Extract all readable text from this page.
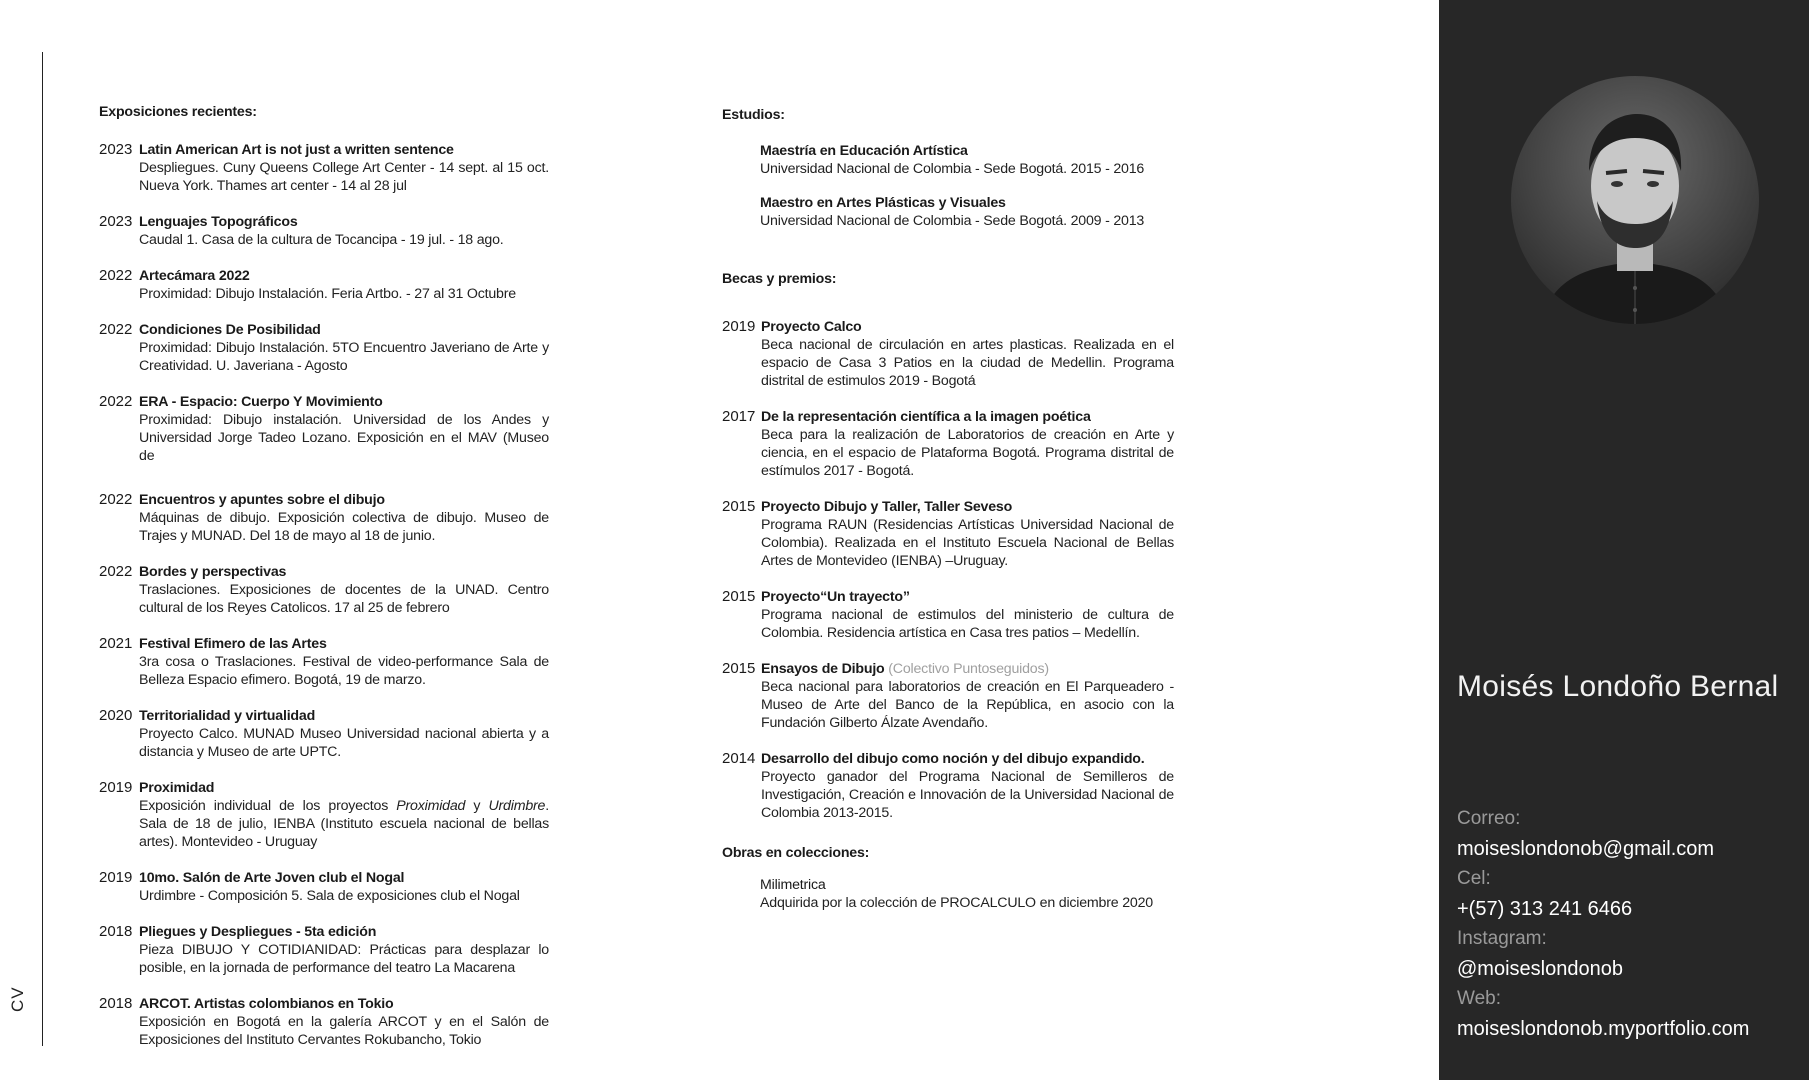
CV
Exposiciones recientes:
2023 Latin American Art is not just a written sentence
Despliegues. Cuny Queens College Art Center - 14 sept. al 15 oct. Nueva York. Thames art center - 14 al 28 jul
2023 Lenguajes Topográficos
Caudal 1. Casa de la cultura de Tocancipa - 19 jul. - 18 ago.
2022 Artecámara 2022
Proximidad: Dibujo Instalación. Feria Artbo. - 27 al 31 Octubre
2022 Condiciones De Posibilidad
Proximidad: Dibujo Instalación. 5TO Encuentro Javeriano de Arte y Creatividad. U. Javeriana - Agosto
2022 ERA - Espacio: Cuerpo Y Movimiento
Proximidad: Dibujo instalación. Universidad de los Andes y Universidad Jorge Tadeo Lozano. Exposición en el MAV (Museo de
2022 Encuentros y apuntes sobre el dibujo
Máquinas de dibujo. Exposición colectiva de dibujo. Museo de Trajes y MUNAD. Del 18 de mayo al 18 de junio.
2022 Bordes y perspectivas
Traslaciones. Exposiciones de docentes de la UNAD. Centro cultural de los Reyes Catolicos. 17 al 25 de febrero
2021 Festival Efimero de las Artes
3ra cosa o Traslaciones. Festival de video-performance Sala de Belleza Espacio efimero. Bogotá, 19 de marzo.
2020 Territorialidad y virtualidad
Proyecto Calco. MUNAD Museo Universidad nacional abierta y a distancia y Museo de arte UPTC.
2019 Proximidad
Exposición individual de los proyectos Proximidad y Urdimbre. Sala de 18 de julio, IENBA (Instituto escuela nacional de bellas artes). Montevideo - Uruguay
2019 10mo. Salón de Arte Joven club el Nogal
Urdimbre - Composición 5. Sala de exposiciones club el Nogal
2018 Pliegues y Despliegues - 5ta edición
Pieza DIBUJO Y COTIDIANIDAD: Prácticas para desplazar lo posible, en la jornada de performance del teatro La Macarena
2018 ARCOT. Artistas colombianos en Tokio
Exposición en Bogotá en la galería ARCOT y en el Salón de Exposiciones del Instituto Cervantes Rokubancho, Tokio
Estudios:
Maestría en Educación Artística
Universidad Nacional de Colombia - Sede Bogotá. 2015 - 2016
Maestro en Artes Plásticas y Visuales
Universidad Nacional de Colombia - Sede Bogotá. 2009 - 2013
Becas y premios:
2019 Proyecto Calco
Beca nacional de circulación en artes plasticas. Realizada en el espacio de Casa 3 Patios en la ciudad de Medellin. Programa distrital de estimulos 2019 - Bogotá
2017 De la representación científica a la imagen poética
Beca para la realización de Laboratorios de creación en Arte y ciencia, en el espacio de Plataforma Bogotá. Programa distrital de estímulos 2017 - Bogotá.
2015 Proyecto Dibujo y Taller, Taller Seveso
Programa RAUN (Residencias Artísticas Universidad Nacional de Colombia). Realizada en el Instituto Escuela Nacional de Bellas Artes de Montevideo (IENBA) –Uruguay.
2015 Proyecto“Un trayecto”
Programa nacional de estimulos del ministerio de cultura de Colombia. Residencia artística en Casa tres patios – Medellín.
2015 Ensayos de Dibujo (Colectivo Puntoseguidos)
Beca nacional para laboratorios de creación en El Parqueadero - Museo de Arte del Banco de la República, en asocio con la Fundación Gilberto Álzate Avendaño.
2014 Desarrollo del dibujo como noción y del dibujo expandido.
Proyecto ganador del Programa Nacional de Semilleros de Investigación, Creación e Innovación de la Universidad Nacional de Colombia 2013-2015.
Obras en colecciones:
Milimetrica
Adquirida por la colección de PROCALCULO en diciembre 2020
Moisés Londoño Bernal
Correo:
moiseslondonob@gmail.com
Cel:
+(57) 313 241 6466
Instagram:
@moiseslondonob
Web:
moiseslondonob.myportfolio.com
